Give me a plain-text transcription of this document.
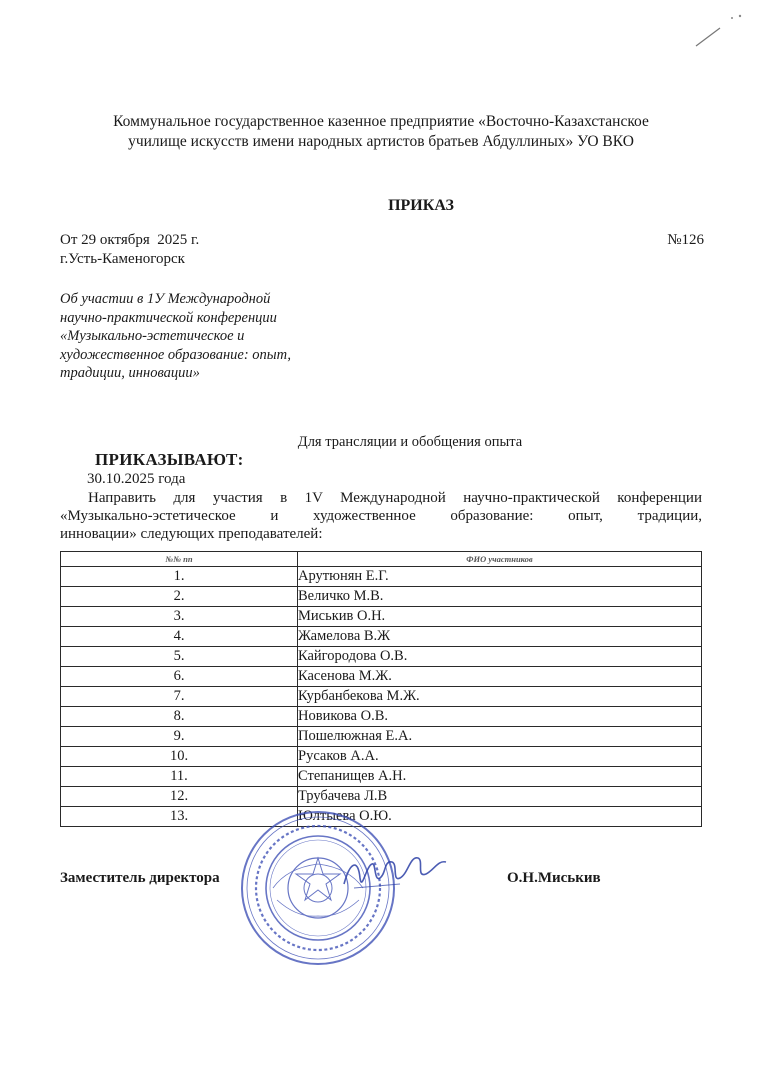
Коммунальное государственное казенное предприятие «Восточно-Казахстанское
училище искусств имени народных артистов братьев Абдуллиных» УО ВКО
ПРИКАЗ
От 29 октября  2025 г.	№126
г.Усть-Каменогорск
Об участии в 1У Международной
научно-практической конференции
«Музыкально-эстетическое и
художественное образование: опыт,
традиции, инновации»
Для трансляции и обобщения опыта
ПРИКАЗЫВАЮТ:
30.10.2025 года
Направить для участия в 1V Международной научно-практической конференции
«Музыкально-эстетическое и художественное образование: опыт, традиции,
инновации» следующих преподавателей:
№№ пп	ФИО участников
1.	Арутюнян Е.Г.
2.	Величко М.В.
3.	Миськив О.Н.
4.	Жамелова В.Ж
5.	Кайгородова О.В.
6.	Касенова М.Ж.
7.	Курбанбекова М.Ж.
8.	Новикова О.В.
9.	Пошелюжная Е.А.
10.	Русаков А.А.
11.	Степанищев А.Н.
12.	Трубачева Л.В
13.	Юлтыева О.Ю.
Заместитель директора	О.Н.Миськив
